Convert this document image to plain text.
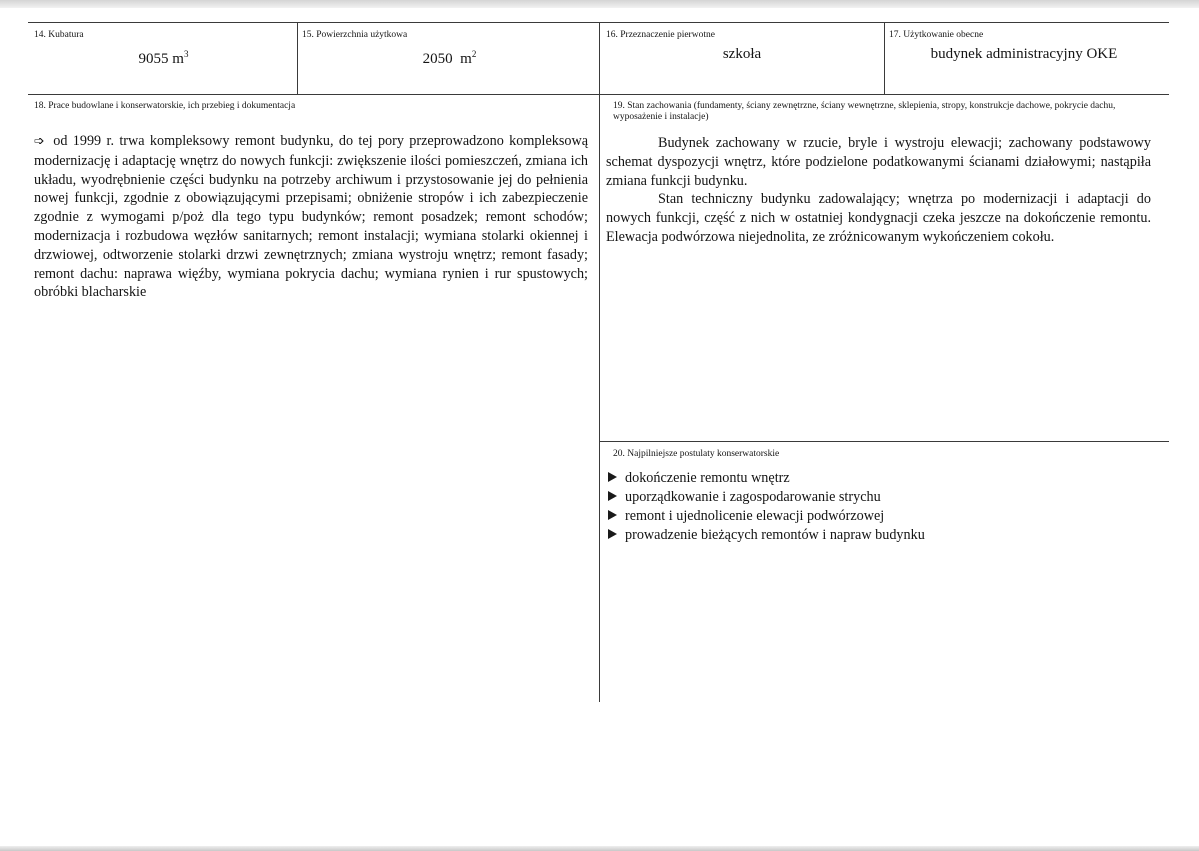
14. Kubatura
9055 $m^3$
15. Powierzchnia użytkowa
2050  $m^2$
16. Przeznaczenie pierwotne
szkoła
17. Użytkowanie obecne
budynek administracyjny OKE
18. Prace budowlane i konserwatorskie, ich przebieg i dokumentacja

➩ od 1999 r. trwa kompleksowy remont budynku, do tej pory przeprowadzono kompleksową modernizację i adaptację wnętrz do nowych funkcji: zwiększenie ilości pomieszczeń, zmiana ich układu, wyodrębnienie części budynku na potrzeby archiwum i przystosowanie jej do pełnienia nowej funkcji, zgodnie z obowiązującymi przepisami; obniżenie stropów i ich zabezpieczenie zgodnie z wymogami p/poż dla tego typu budynków; remont posadzek; remont schodów; modernizacja i rozbudowa węzłów sanitarnych; remont instalacji; wymiana stolarki okiennej i drzwiowej, odtworzenie stolarki drzwi zewnętrznych; zmiana wystroju wnętrz; remont fasady; remont dachu: naprawa więźby, wymiana pokrycia dachu; wymiana rynien i rur spustowych; obróbki blacharskie

19. Stan zachowania (fundamenty, ściany zewnętrzne, ściany wewnętrzne, sklepienia, stropy, konstrukcje dachowe, pokrycie dachu, wyposażenie i instalacje)

Budynek zachowany w rzucie, bryle i wystroju elewacji; zachowany podstawowy schemat dyspozycji wnętrz, które podzielone podatkowanymi ścianami działowymi; nastąpiła zmiana funkcji budynku.

Stan techniczny budynku zadowalający; wnętrza po modernizacji i adaptacji do nowych funkcji, część z nich w ostatniej kondygnacji czeka jeszcze na dokończenie remontu. Elewacja podwórzowa niejednolita, ze zróżnicowanym wykończeniem cokołu.

20. Najpilniejsze postulaty konserwatorskie
dokończenie remontu wnętrz
uporządkowanie i zagospodarowanie strychu
remont i ujednolicenie elewacji podwórzowej
prowadzenie bieżących remontów i napraw budynku
